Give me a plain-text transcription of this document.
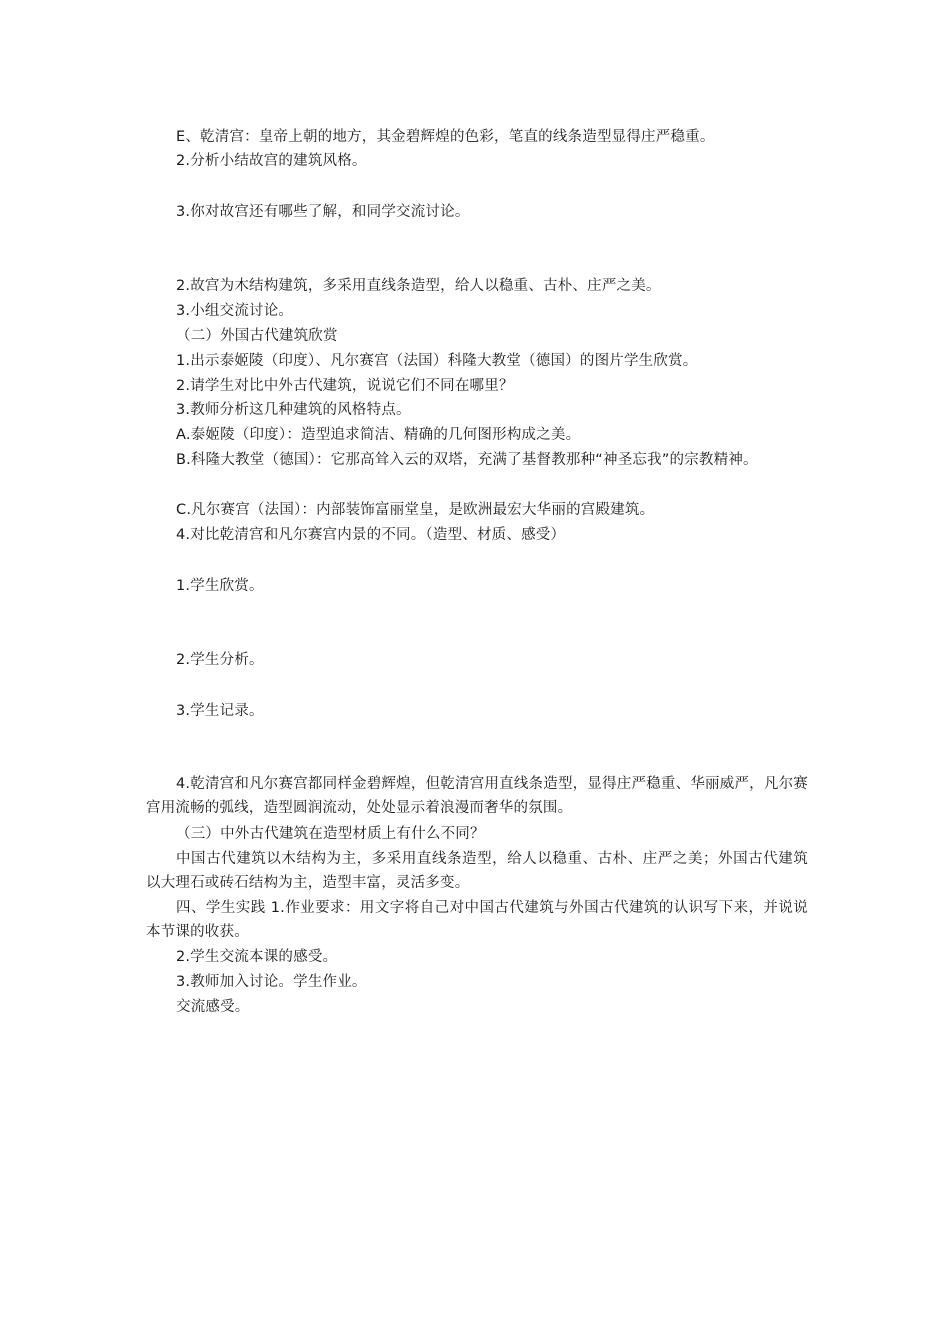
E、乾清宫：皇帝上朝的地方，其金碧辉煌的色彩，笔直的线条造型显得庄严稳重。
2.分析小结故宫的建筑风格。
3.你对故宫还有哪些了解，和同学交流讨论。
2.故宫为木结构建筑，多采用直线条造型，给人以稳重、古朴、庄严之美。
3.小组交流讨论。
（二）外国古代建筑欣赏
1.出示泰姬陵（印度）、凡尔赛宫（法国）科隆大教堂（德国）的图片学生欣赏。
2.请学生对比中外古代建筑，说说它们不同在哪里？
3.教师分析这几种建筑的风格特点。
A.泰姬陵（印度）：造型追求简洁、精确的几何图形构成之美。
B.科隆大教堂（德国）：它那高耸入云的双塔，充满了基督教那种“神圣忘我”的宗教精神。
C.凡尔赛宫（法国）：内部装饰富丽堂皇，是欧洲最宏大华丽的宫殿建筑。
4.对比乾清宫和凡尔赛宫内景的不同。（造型、材质、感受）
1.学生欣赏。
2.学生分析。
3.学生记录。
4.乾清宫和凡尔赛宫都同样金碧辉煌，但乾清宫用直线条造型，显得庄严稳重、华丽威严，凡尔赛宫用流畅的弧线，造型圆润流动，处处显示着浪漫而奢华的氛围。
（三）中外古代建筑在造型材质上有什么不同？
中国古代建筑以木结构为主，多采用直线条造型，给人以稳重、古朴、庄严之美；外国古代建筑以大理石或砖石结构为主，造型丰富，灵活多变。
四、学生实践 1.作业要求：用文字将自己对中国古代建筑与外国古代建筑的认识写下来，并说说本节课的收获。
2.学生交流本课的感受。
3.教师加入讨论。学生作业。
交流感受。
